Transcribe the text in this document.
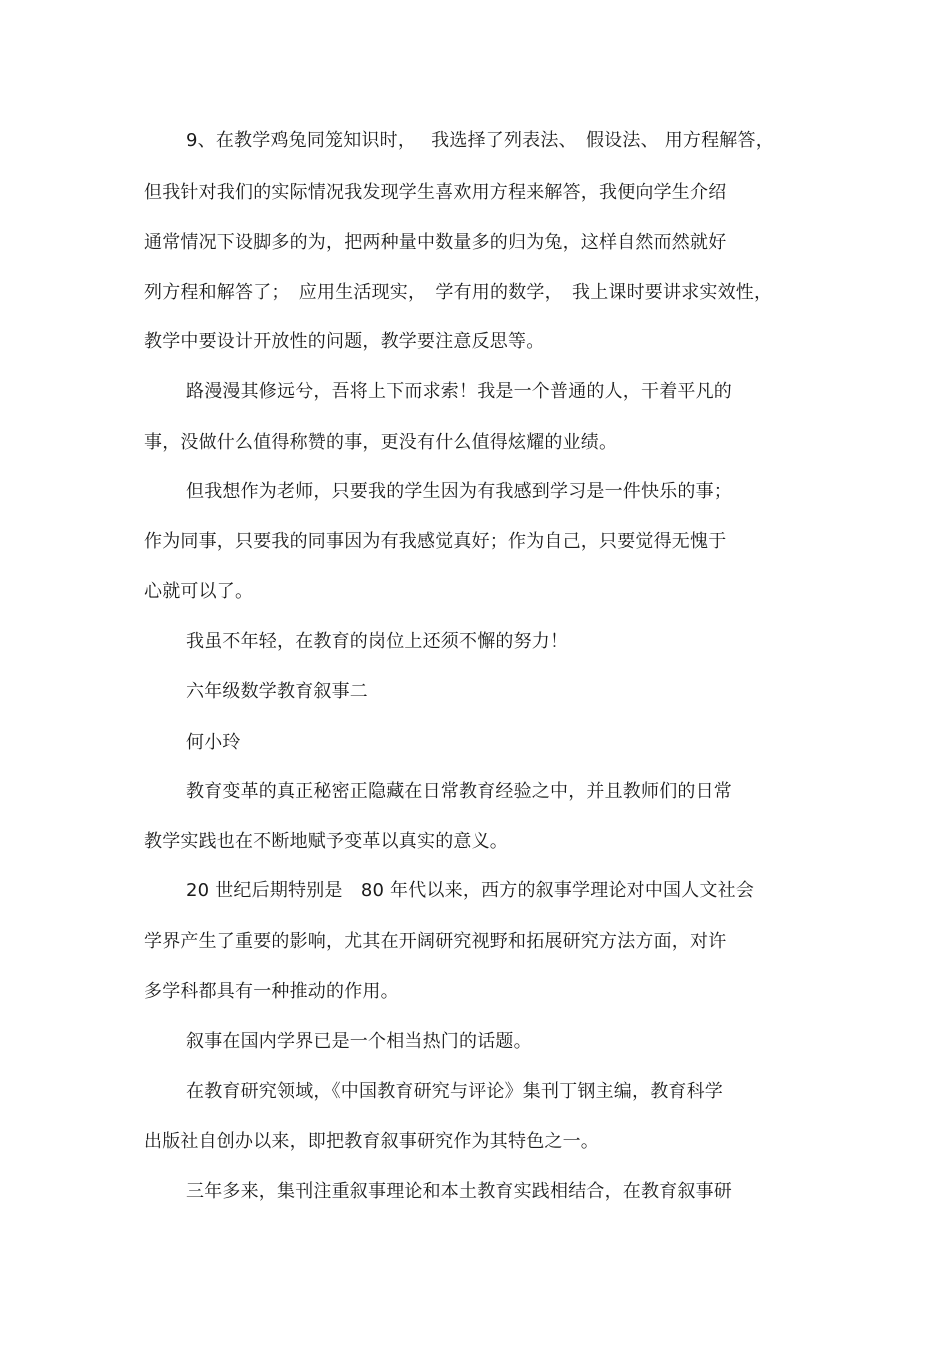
9、在教学鸡兔同笼知识时，　 我选择了列表法、　假设法、 用方程解答，
但我针对我们的实际情况我发现学生喜欢用方程来解答，我便向学生介绍
通常情况下设脚多的为，把两种量中数量多的归为兔，这样自然而然就好
列方程和解答了；　应用生活现实，　学有用的数学，　我上课时要讲求实效性，
教学中要设计开放性的问题，教学要注意反思等。
路漫漫其修远兮，吾将上下而求索！我是一个普通的人，干着平凡的
事，没做什么值得称赞的事，更没有什么值得炫耀的业绩。
但我想作为老师，只要我的学生因为有我感到学习是一件快乐的事；
作为同事，只要我的同事因为有我感觉真好；作为自己，只要觉得无愧于
心就可以了。
我虽不年轻，在教育的岗位上还须不懈的努力！
六年级数学教育叙事二
何小玲
教育变革的真正秘密正隐藏在日常教育经验之中，并且教师们的日常
教学实践也在不断地赋予变革以真实的意义。
20 世纪后期特别是　80 年代以来，西方的叙事学理论对中国人文社会
学界产生了重要的影响，尤其在开阔研究视野和拓展研究方法方面，对许
多学科都具有一种推动的作用。
叙事在国内学界已是一个相当热门的话题。
在教育研究领域，《中国教育研究与评论》集刊丁钢主编，教育科学
出版社自创办以来，即把教育叙事研究作为其特色之一。
三年多来，集刊注重叙事理论和本土教育实践相结合，在教育叙事研
